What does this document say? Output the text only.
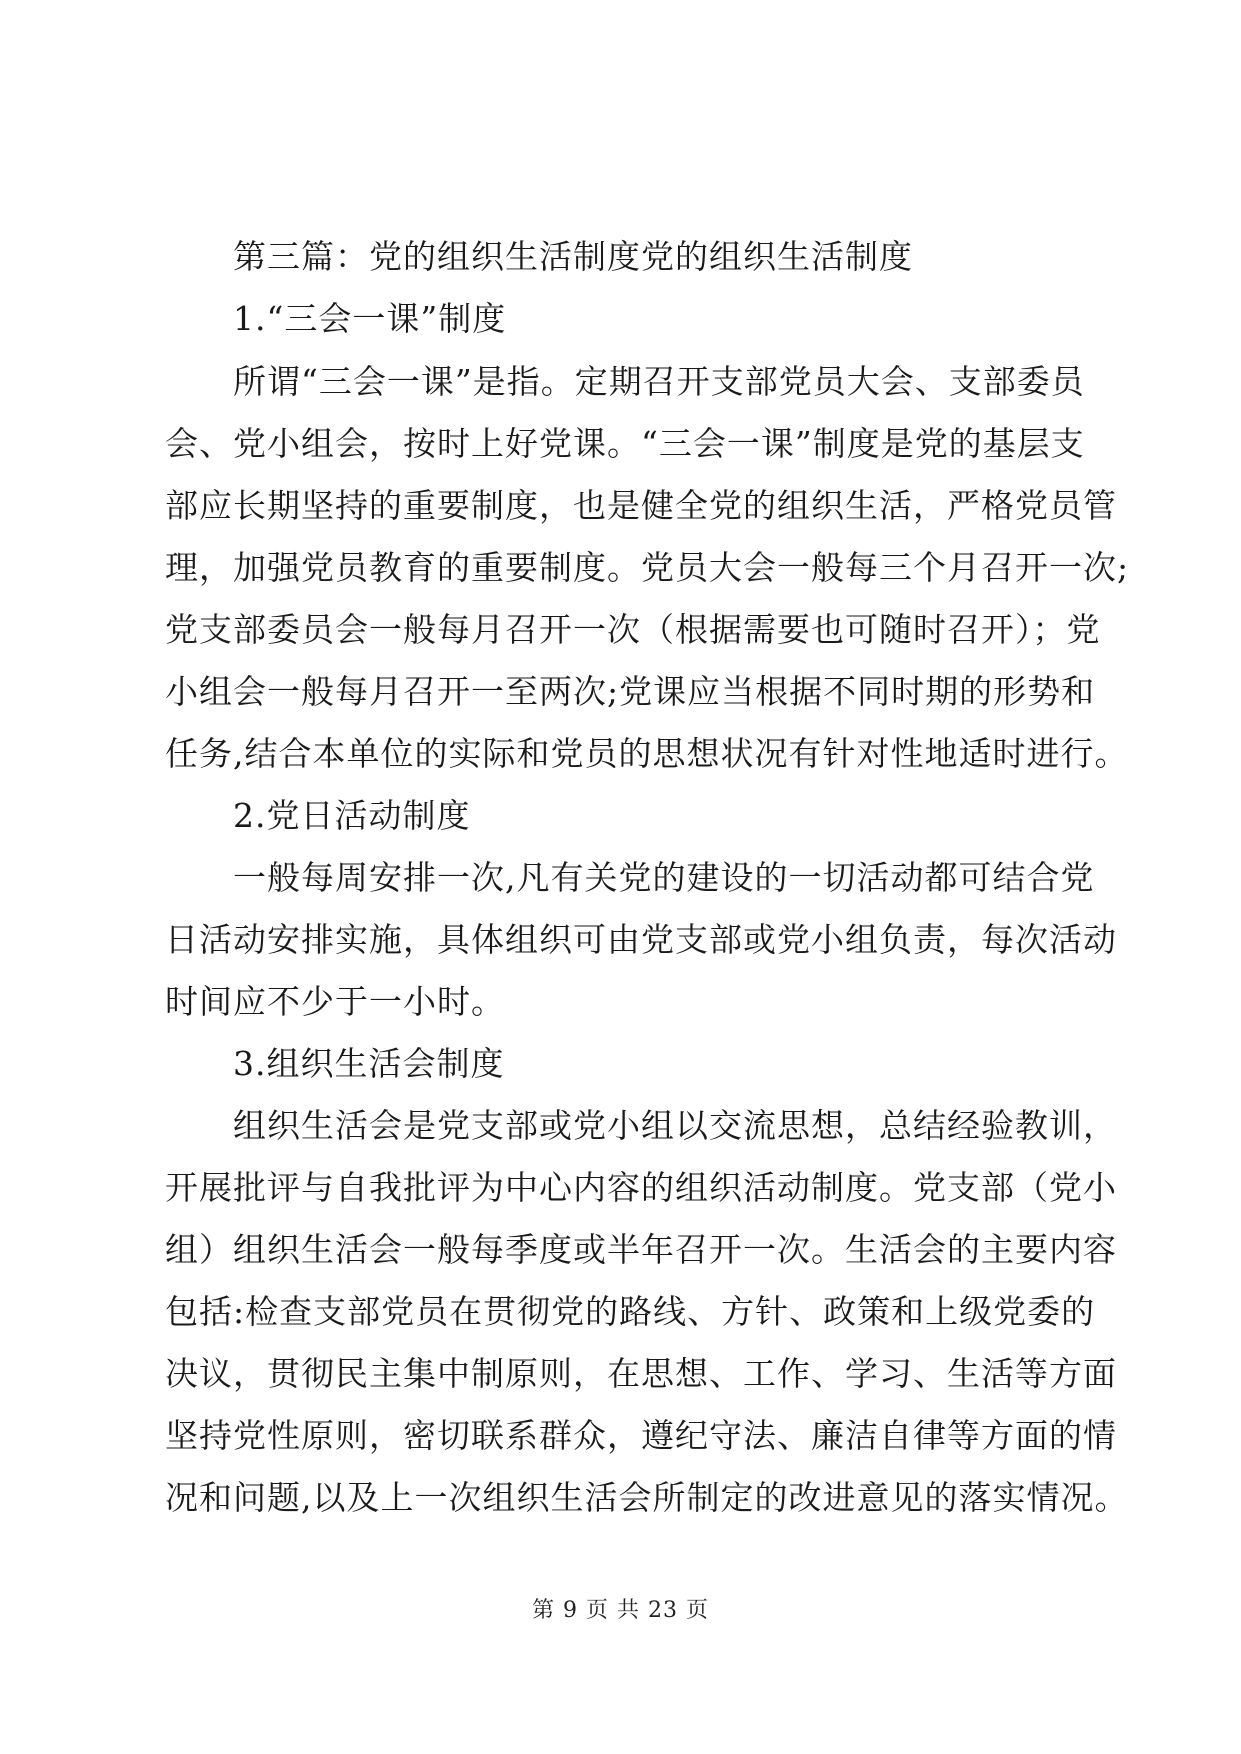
第三篇：党的组织生活制度党的组织生活制度
1.“三会一课”制度
所谓“三会一课”是指。定期召开支部党员大会、支部委员
会、党小组会，按时上好党课。“三会一课”制度是党的基层支
部应长期坚持的重要制度，也是健全党的组织生活，严格党员管
理，加强党员教育的重要制度。党员大会一般每三个月召开一次;
党支部委员会一般每月召开一次（根据需要也可随时召开）；党
小组会一般每月召开一至两次;党课应当根据不同时期的形势和
任务,结合本单位的实际和党员的思想状况有针对性地适时进行。
2.党日活动制度
一般每周安排一次,凡有关党的建设的一切活动都可结合党
日活动安排实施，具体组织可由党支部或党小组负责，每次活动
时间应不少于一小时。
3.组织生活会制度
组织生活会是党支部或党小组以交流思想，总结经验教训，
开展批评与自我批评为中心内容的组织活动制度。党支部（党小
组）组织生活会一般每季度或半年召开一次。生活会的主要内容
包括:检查支部党员在贯彻党的路线、方针、政策和上级党委的
决议，贯彻民主集中制原则，在思想、工作、学习、生活等方面
坚持党性原则，密切联系群众，遵纪守法、廉洁自律等方面的情
况和问题,以及上一次组织生活会所制定的改进意见的落实情况。
第 9 页 共 23 页
